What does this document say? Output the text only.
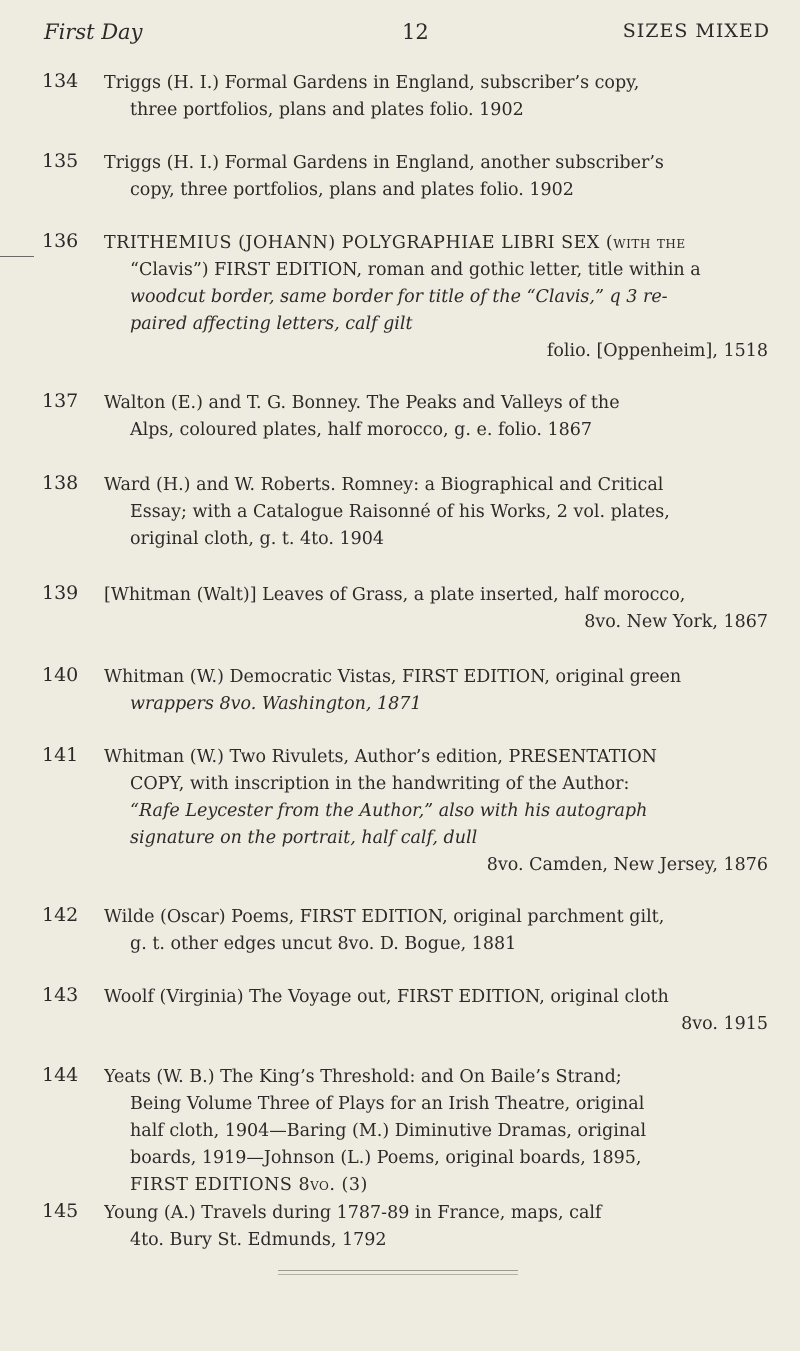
First Day	12	SIZES MIXED
134 Triggs (H. I.) Formal Gardens in England, subscriber’s copy,
three portfolios, plans and plates folio. 1902
135 Triggs (H. I.) Formal Gardens in England, another subscriber’s
copy, three portfolios, plans and plates folio. 1902
136 TRITHEMIUS (JOHANN) POLYGRAPHIAE LIBRI SEX (with the
“Clavis”) FIRST EDITION, roman and gothic letter, title within a
woodcut border, same border for title of the “Clavis,” q 3 re-
paired affecting letters, calf gilt
folio. [Oppenheim], 1518
137 Walton (E.) and T. G. Bonney. The Peaks and Valleys of the
Alps, coloured plates, half morocco, g. e. folio. 1867
138 Ward (H.) and W. Roberts. Romney: a Biographical and Critical
Essay; with a Catalogue Raisonné of his Works, 2 vol. plates,
original cloth, g. t. 4to. 1904
139 [Whitman (Walt)] Leaves of Grass, a plate inserted, half morocco,
8vo. New York, 1867
140 Whitman (W.) Democratic Vistas, FIRST EDITION, original green
wrappers 8vo. Washington, 1871
141 Whitman (W.) Two Rivulets, Author’s edition, PRESENTATION
COPY, with inscription in the handwriting of the Author:
“Rafe Leycester from the Author,” also with his autograph
signature on the portrait, half calf, dull
8vo. Camden, New Jersey, 1876
142 Wilde (Oscar) Poems, FIRST EDITION, original parchment gilt,
g. t. other edges uncut 8vo. D. Bogue, 1881
143 Woolf (Virginia) The Voyage out, FIRST EDITION, original cloth
8vo. 1915
144 Yeats (W. B.) The King’s Threshold: and On Baile’s Strand;
Being Volume Three of Plays for an Irish Theatre, original
half cloth, 1904—Baring (M.) Diminutive Dramas, original
boards, 1919—Johnson (L.) Poems, original boards, 1895,
FIRST EDITIONS 8vo. (3)
145 Young (A.) Travels during 1787-89 in France, maps, calf
4to. Bury St. Edmunds, 1792
